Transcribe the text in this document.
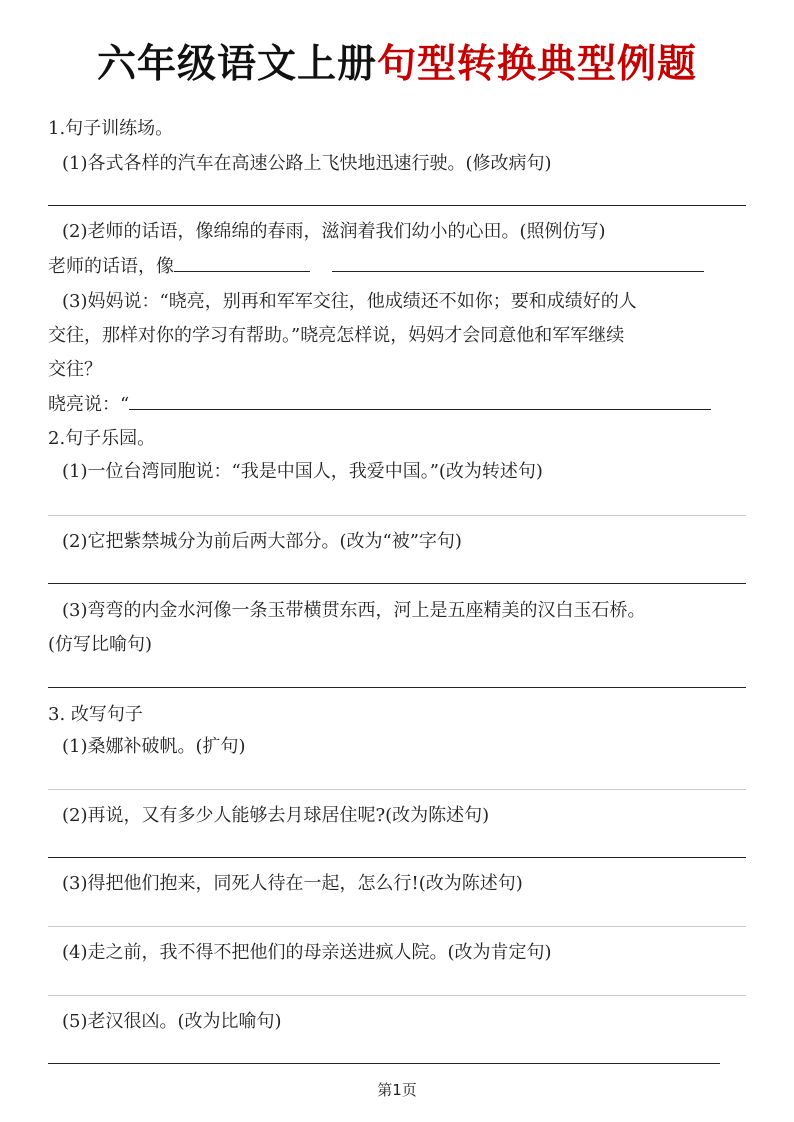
六年级语文上册句型转换典型例题
1.句子训练场。
(1)各式各样的汽车在高速公路上飞快地迅速行驶。(修改病句)
(2)老师的话语，像绵绵的春雨，滋润着我们幼小的心田。(照例仿写)
老师的话语，像
(3)妈妈说：“晓亮，别再和军军交往，他成绩还不如你；要和成绩好的人
交往，那样对你的学习有帮助。”晓亮怎样说，妈妈才会同意他和军军继续
交往？
晓亮说：“
2.句子乐园。
(1)一位台湾同胞说：“我是中国人，我爱中国。”(改为转述句)
(2)它把紫禁城分为前后两大部分。(改为“被”字句)
(3)弯弯的内金水河像一条玉带横贯东西，河上是五座精美的汉白玉石桥。
(仿写比喻句)
3. 改写句子
(1)桑娜补破帆。(扩句)
(2)再说，又有多少人能够去月球居住呢?(改为陈述句)
(3)得把他们抱来，同死人待在一起，怎么行!(改为陈述句)
(4)走之前，我不得不把他们的母亲送进疯人院。(改为肯定句)
(5)老汉很凶。(改为比喻句)
第1页
